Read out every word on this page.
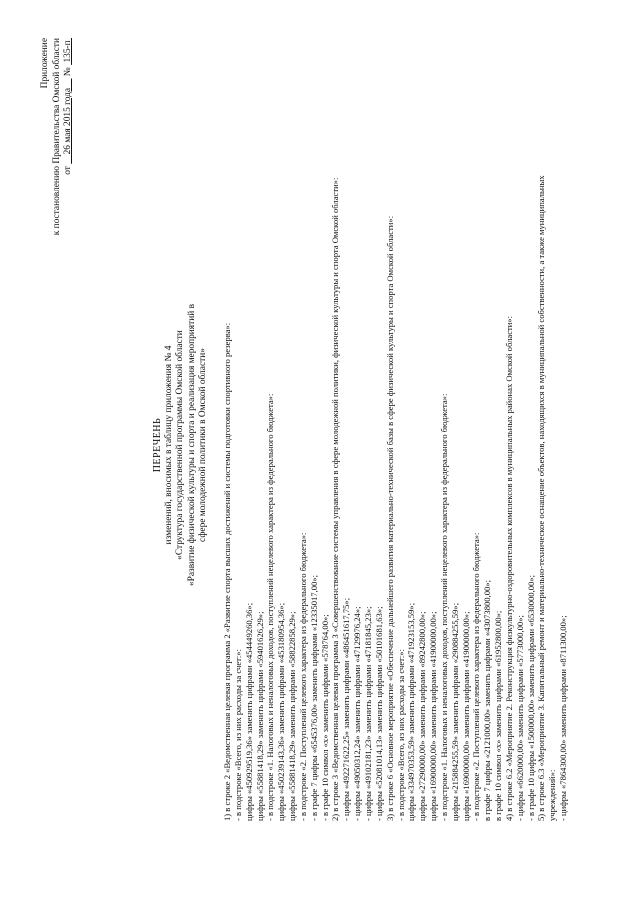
Приложение к постановлению Правительства Омской области от     26 мая 2015 года     №  135-п
ПЕРЕЧЕНЬ изменений, вносимых в таблицу приложения № 4 «Структура государственной программы Омской области «Развитие физической культуры и спорта и реализация мероприятий в сфере молодежной политики в Омской области» 1) в строке 2 «Ведомственная целевая программа 2 «Развитие спорта высших достижений и системы подготовки спортивного резерва»: - в подстроке «Всего, из них расходы за счет:»: цифры «450929519,36» заменить цифрами «454449260,36»; цифры «55881418,29» заменить цифрами «59401626,29»; - в подстроке «1. Налоговых и неналоговых доходов, поступлений нецелевого характера из федерального бюджета»: цифры «450239143,36» заменить цифрами «453180954,36»; цифры «55881418,29» заменить цифрами «58822858,29»; - в подстроке «2. Поступлений целевого характера из федерального бюджета»: - в графе 7 цифры «6545376,00» заменить цифрами «12335017,00»; - в графе 10 символ «х» заменить цифрами «578764,00»; 2) в строке 3 «Ведомственная целевая программа 3 «Совершенствование системы управления в сфере молодежной политики, физической культуры и спорта Омской области»: - цифры «492271622,25» заменить цифрами «486451617,75»; - цифры «49050312,24» заменить цифрами «47129976,24»; - цифры «49102181,23» заменить цифрами «47181845,23»; - цифры «52081014,13» заменить цифрами «50101681,63»; 3) в строке 6 «Основное мероприятие «Обеспечение дальнейшего развития материально-технической базы в сфере физической культуры и спорта Омской области»: - в подстроке «Всего, из них расходы за счет:»: цифры «334970353,59» заменить цифрами «471923153,59»; цифры «27290000,00» заменить цифрами «89242800,00»; цифры «16900000,00» заменить цифрами «41900000,00»; - в подстроке «1. Налоговых и неналоговых доходов, поступлений нецелевого характера из федерального бюджета»: цифры «215884255,59» заменить цифрами «290884255,59»; цифры «16900000,00» заменить цифрами «41900000,00»; - в подстроке «2. Поступлений целевого характера из федерального бюджета»: в графе 7 цифры «2121000,00» заменить цифрами «43073800,00»; в графе 10 символ «х» заменить цифрами «61952800,00»; 4) в строке 6.2 «Мероприятие 2. Реконструкция физкультурно-оздоровительных комплексов в муниципальных районах Омской области»: - цифры «6620000,00» заменить цифрами «5773000,00»; - в графе 10 цифры «1500000,00» заменить цифрами «6530000,00»; 5) в строке 6.3 «Мероприятие 3. Капитальный ремонт и материально-техническое оснащение объектов, находящихся в муниципальной собственности, а также муниципальных учреждений»: - цифры «7864300,00» заменить цифрами «8711300,00»;
